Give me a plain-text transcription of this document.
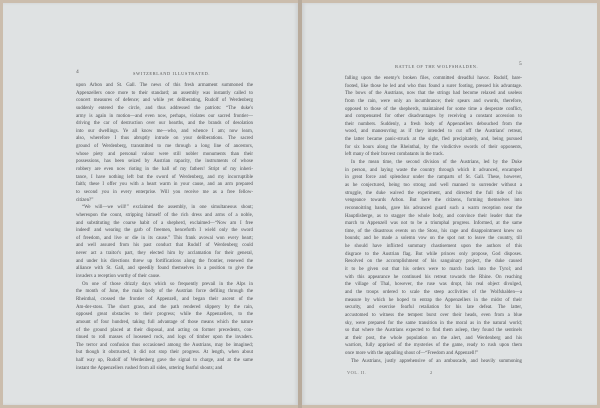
4	SWITZERLAND ILLUSTRATED.
upon Arbon and St. Gall. The news of this fresh armament summoned the
Appenzellers once more to their standard; an assembly was instantly called to
concert measures of defence; and while yet deliberating, Rudolf of Werdenberg
suddenly entered the circle, and thus addressed the patriots: “The duke's
army is again in motion—and even now, perhaps, violates our sacred frontier—
driving the car of destruction over our hearths, and the brands of desolation
into our dwellings. Ye all know me—who, and whence I am; now learn,
also, wherefore I thus abruptly intrude on your deliberations. The sacred
ground of Werdenberg, transmitted to me through a long line of ancestors,
whose piety and personal valour were still nobler monuments than their
possessions, has been seized by Austrian rapacity, the instruments of whose
robbery are even now rioting in the hall of my fathers! Stript of my inheri-
tance, I have nothing left but the sword of Werdenberg, and my incorruptible
faith; these I offer you with a heart warm in your cause, and an arm prepared
to second you in every enterprise. Will you receive me as a free fellow-
citizen?”
“We will—we will!” exclaimed the assembly, in one simultaneous shout;
whereupon the count, stripping himself of the rich dress and arms of a noble,
and substituting the coarse habit of a shepherd, exclaimed—“Now am I free
indeed! and wearing the garb of freemen, henceforth I wield only the sword
of freedom, and live or die in its cause.” This frank avowal won every heart;
and well assured from his past conduct that Rudolf of Werdenberg could
never act a traitor's part, they elected him by acclamation for their general,
and under his directions threw up fortifications along the frontier, renewed the
alliance with St. Gall, and speedily found themselves in a position to give the
invaders a reception worthy of their cause.
On one of those drizzly days which so frequently prevail in the Alps in
the month of June, the main body of the Austrian force defiling through the
Rheinthal, crossed the frontier of Appenzell, and began their ascent of the
Am-der-stoss. The short grass, and the path rendered slippery by the rain,
opposed great obstacles to their progress; while the Appenzellers, to the
amount of four hundred, taking full advantage of those means which the nature
of the ground placed at their disposal, and acting on former precedents, con-
tinued to roll masses of loosened rock, and logs of timber upon the invaders.
The terror and confusion thus occasioned among the Austrians, may be imagined;
but though it obstructed, it did not stop their progress. At length, when about
half way up, Rudolf of Werdenberg gave the signal to charge, and at the same
instant the Appenzellers rushed from all sides, uttering fearful shouts; and
BATTLE OF THE WOLFSHALDEN.	5
falling upon the enemy's broken files, committed dreadful havoc. Rudolf, bare-
footed, like those he led and who thus found a surer footing, pressed his advantage.
The bows of the Austrians, now that the strings had become relaxed and useless
from the rain, were only an incumbrance; their spears and swords, therefore,
opposed to those of the shepherds, maintained for some time a desperate conflict,
and compensated for other disadvantages by receiving a constant accession to
their numbers. Suddenly, a fresh body of Appenzellers debouched from the
wood, and manœuvring as if they intended to cut off the Austrians' retreat,
the latter became panic-struck at the sight, fled precipitately, and, being pursued
for six hours along the Rheinthal, by the vindictive swords of their opponents,
left many of their bravest combatants in the track.
In the mean time, the second division of the Austrians, led by the Duke
in person, and laying waste the country through which it advanced, encamped
in great force and splendour under the ramparts of St. Gall. These, however,
as he conjectured, being too strong and well manned to surrender without a
struggle, the duke waived the experiment, and directed the full tide of his
vengeance towards Arbon. But here the citizens, forming themselves into
reconnoitring bands, gave his advanced guard such a warm reception near the
Hauptlisberge, as to stagger the whole body, and convince their leader that the
march to Appenzell was not to be a triumphal progress. Informed, at the same
time, of the disastrous events on the Stoss, his rage and disappointment knew no
bounds; and he made a solemn vow on the spot not to leave the country, till
he should have inflicted summary chastisement upon the authors of this
disgrace to the Austrian flag. But while princes only propose, God disposes.
Resolved on the accomplishment of his sanguinary project, the duke caused
it to be given out that his orders were to march back into the Tyrol; and
with this appearance he continued his retreat towards the Rhine. On reaching
the village of Thal, however, the ruse was dropt, his real object divulged,
and the troops ordered to scale the steep acclivities of the Wolfshalden—a
measure by which he hoped to entrap the Appenzellers in the midst of their
security, and exercise fearful retaliation for his late defeat. The latter,
accustomed to witness the tempest burst over their heads, even from a blue
sky, were prepared for the same transition in the moral as in the natural world;
so that where the Austrians expected to find them asleep, they found the sentinels
at their post, the whole population on the alert, and Werdenberg and his
warriors, fully apprised of the mysteries of the game, ready to rush upon them
once more with the appalling shout of—“Freedom and Appenzell!”
The Austrians, justly apprehensive of an ambuscade, and heavily summoning
VOL. II.	2
